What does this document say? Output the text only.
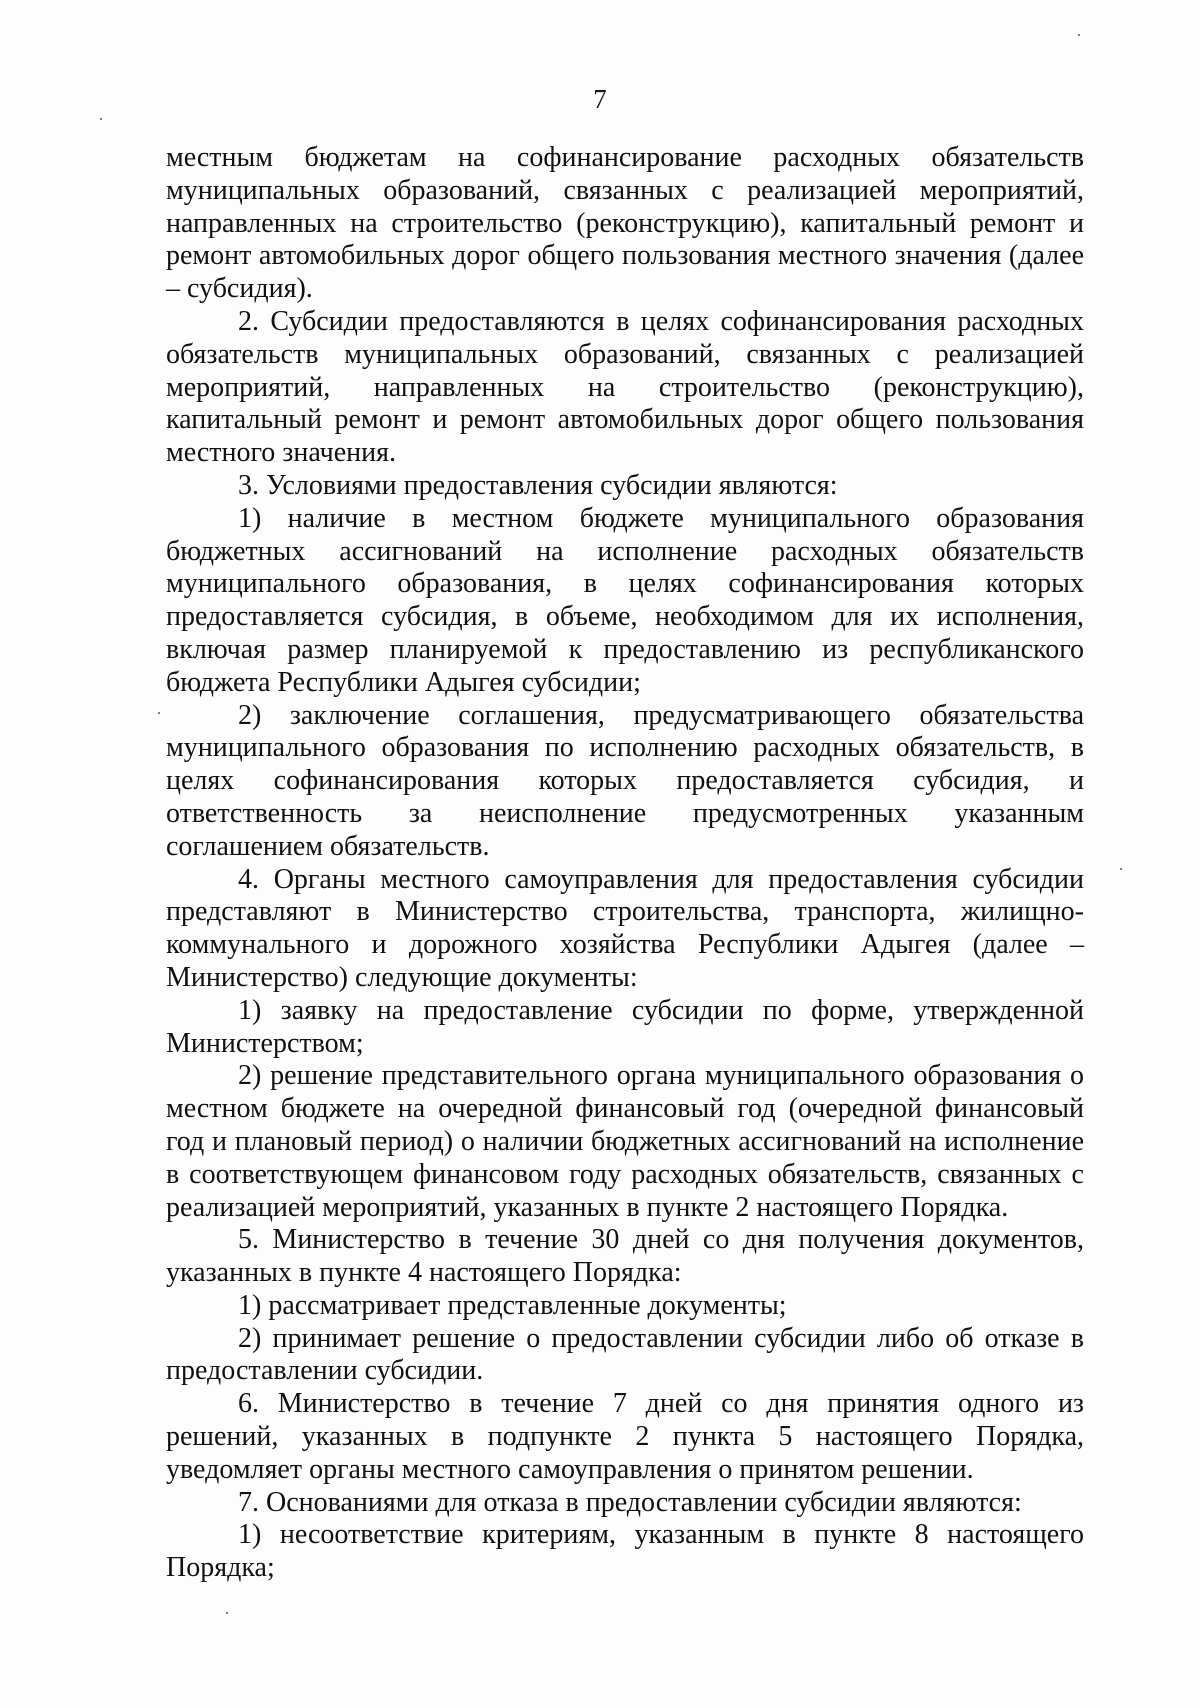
7

местным бюджетам на софинансирование расходных обязательств муниципальных образований, связанных с реализацией мероприятий, направленных на строительство (реконструкцию), капитальный ремонт и ремонт автомобильных дорог общего пользования местного значения (далее – субсидия).

2. Субсидии предоставляются в целях софинансирования расходных обязательств муниципальных образований, связанных с реализацией мероприятий, направленных на строительство (реконструкцию), капитальный ремонт и ремонт автомобильных дорог общего пользования местного значения.

3. Условиями предоставления субсидии являются:

1) наличие в местном бюджете муниципального образования бюджетных ассигнований на исполнение расходных обязательств муниципального образования, в целях софинансирования которых предоставляется субсидия, в объеме, необходимом для их исполнения, включая размер планируемой к предоставлению из республиканского бюджета Республики Адыгея субсидии;

2) заключение соглашения, предусматривающего обязательства муниципального образования по исполнению расходных обязательств, в целях софинансирования которых предоставляется субсидия, и ответственность за неисполнение предусмотренных указанным соглашением обязательств.

4. Органы местного самоуправления для предоставления субсидии представляют в Министерство строительства, транспорта, жилищно-коммунального и дорожного хозяйства Республики Адыгея (далее – Министерство) следующие документы:

1) заявку на предоставление субсидии по форме, утвержденной Министерством;

2) решение представительного органа муниципального образования о местном бюджете на очередной финансовый год (очередной финансовый год и плановый период) о наличии бюджетных ассигнований на исполнение в соответствующем финансовом году расходных обязательств, связанных с реализацией мероприятий, указанных в пункте 2 настоящего Порядка.

5. Министерство в течение 30 дней со дня получения документов, указанных в пункте 4 настоящего Порядка:

1) рассматривает представленные документы;

2) принимает решение о предоставлении субсидии либо об отказе в предоставлении субсидии.

6. Министерство в течение 7 дней со дня принятия одного из решений, указанных в подпункте 2 пункта 5 настоящего Порядка, уведомляет органы местного самоуправления о принятом решении.

7. Основаниями для отказа в предоставлении субсидии являются:

1) несоответствие критериям, указанным в пункте 8 настоящего Порядка;
